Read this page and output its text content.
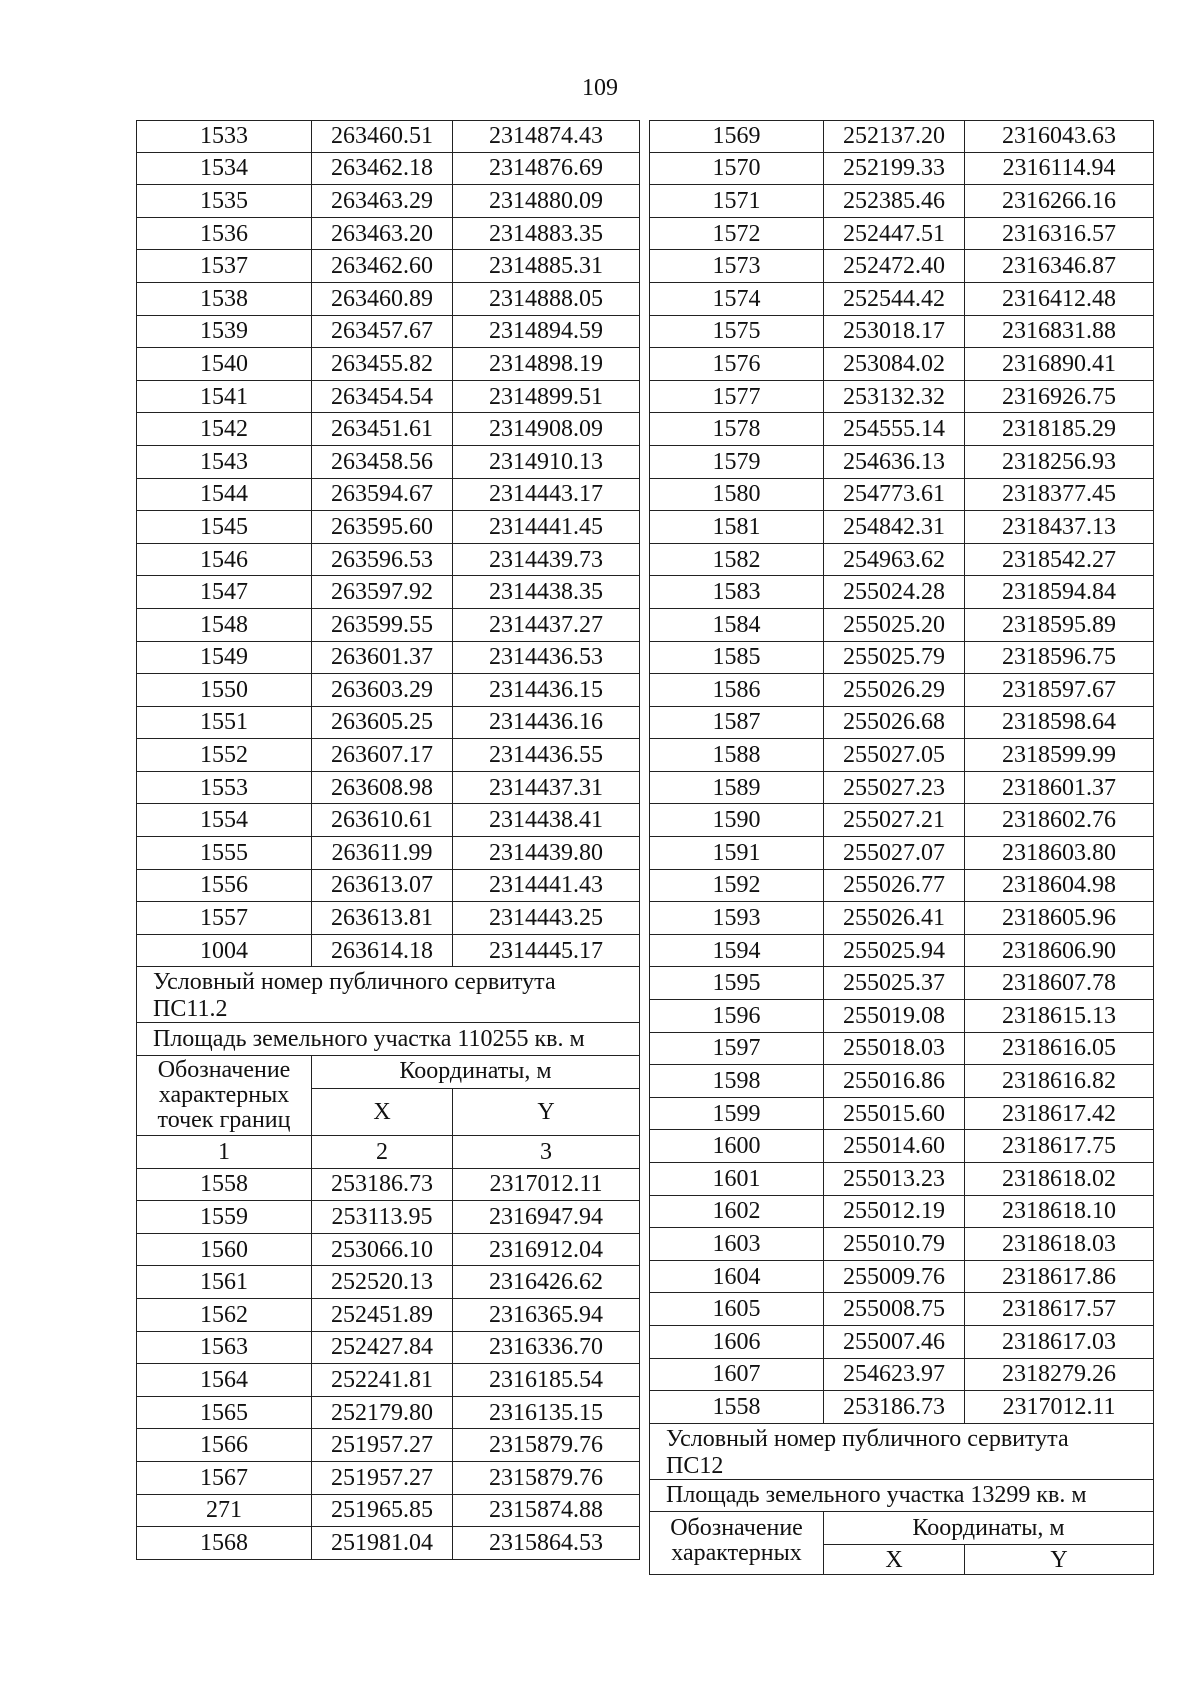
109
1533	263460.51	2314874.43
1534	263462.18	2314876.69
1535	263463.29	2314880.09
1536	263463.20	2314883.35
1537	263462.60	2314885.31
1538	263460.89	2314888.05
1539	263457.67	2314894.59
1540	263455.82	2314898.19
1541	263454.54	2314899.51
1542	263451.61	2314908.09
1543	263458.56	2314910.13
1544	263594.67	2314443.17
1545	263595.60	2314441.45
1546	263596.53	2314439.73
1547	263597.92	2314438.35
1548	263599.55	2314437.27
1549	263601.37	2314436.53
1550	263603.29	2314436.15
1551	263605.25	2314436.16
1552	263607.17	2314436.55
1553	263608.98	2314437.31
1554	263610.61	2314438.41
1555	263611.99	2314439.80
1556	263613.07	2314441.43
1557	263613.81	2314443.25
1004	263614.18	2314445.17
Условный номер публичного сервитута
ПС11.2
Площадь земельного участка 110255 кв. м
Обозначение характерных точек границ
Координаты, м
X	Y
1	2	3
1558	253186.73	2317012.11
1559	253113.95	2316947.94
1560	253066.10	2316912.04
1561	252520.13	2316426.62
1562	252451.89	2316365.94
1563	252427.84	2316336.70
1564	252241.81	2316185.54
1565	252179.80	2316135.15
1566	251957.27	2315879.76
1567	251957.27	2315879.76
271	251965.85	2315874.88
1568	251981.04	2315864.53
1569	252137.20	2316043.63
1570	252199.33	2316114.94
1571	252385.46	2316266.16
1572	252447.51	2316316.57
1573	252472.40	2316346.87
1574	252544.42	2316412.48
1575	253018.17	2316831.88
1576	253084.02	2316890.41
1577	253132.32	2316926.75
1578	254555.14	2318185.29
1579	254636.13	2318256.93
1580	254773.61	2318377.45
1581	254842.31	2318437.13
1582	254963.62	2318542.27
1583	255024.28	2318594.84
1584	255025.20	2318595.89
1585	255025.79	2318596.75
1586	255026.29	2318597.67
1587	255026.68	2318598.64
1588	255027.05	2318599.99
1589	255027.23	2318601.37
1590	255027.21	2318602.76
1591	255027.07	2318603.80
1592	255026.77	2318604.98
1593	255026.41	2318605.96
1594	255025.94	2318606.90
1595	255025.37	2318607.78
1596	255019.08	2318615.13
1597	255018.03	2318616.05
1598	255016.86	2318616.82
1599	255015.60	2318617.42
1600	255014.60	2318617.75
1601	255013.23	2318618.02
1602	255012.19	2318618.10
1603	255010.79	2318618.03
1604	255009.76	2318617.86
1605	255008.75	2318617.57
1606	255007.46	2318617.03
1607	254623.97	2318279.26
1558	253186.73	2317012.11
Условный номер публичного сервитута
ПС12
Площадь земельного участка 13299 кв. м
Обозначение характерных
Координаты, м
X	Y
